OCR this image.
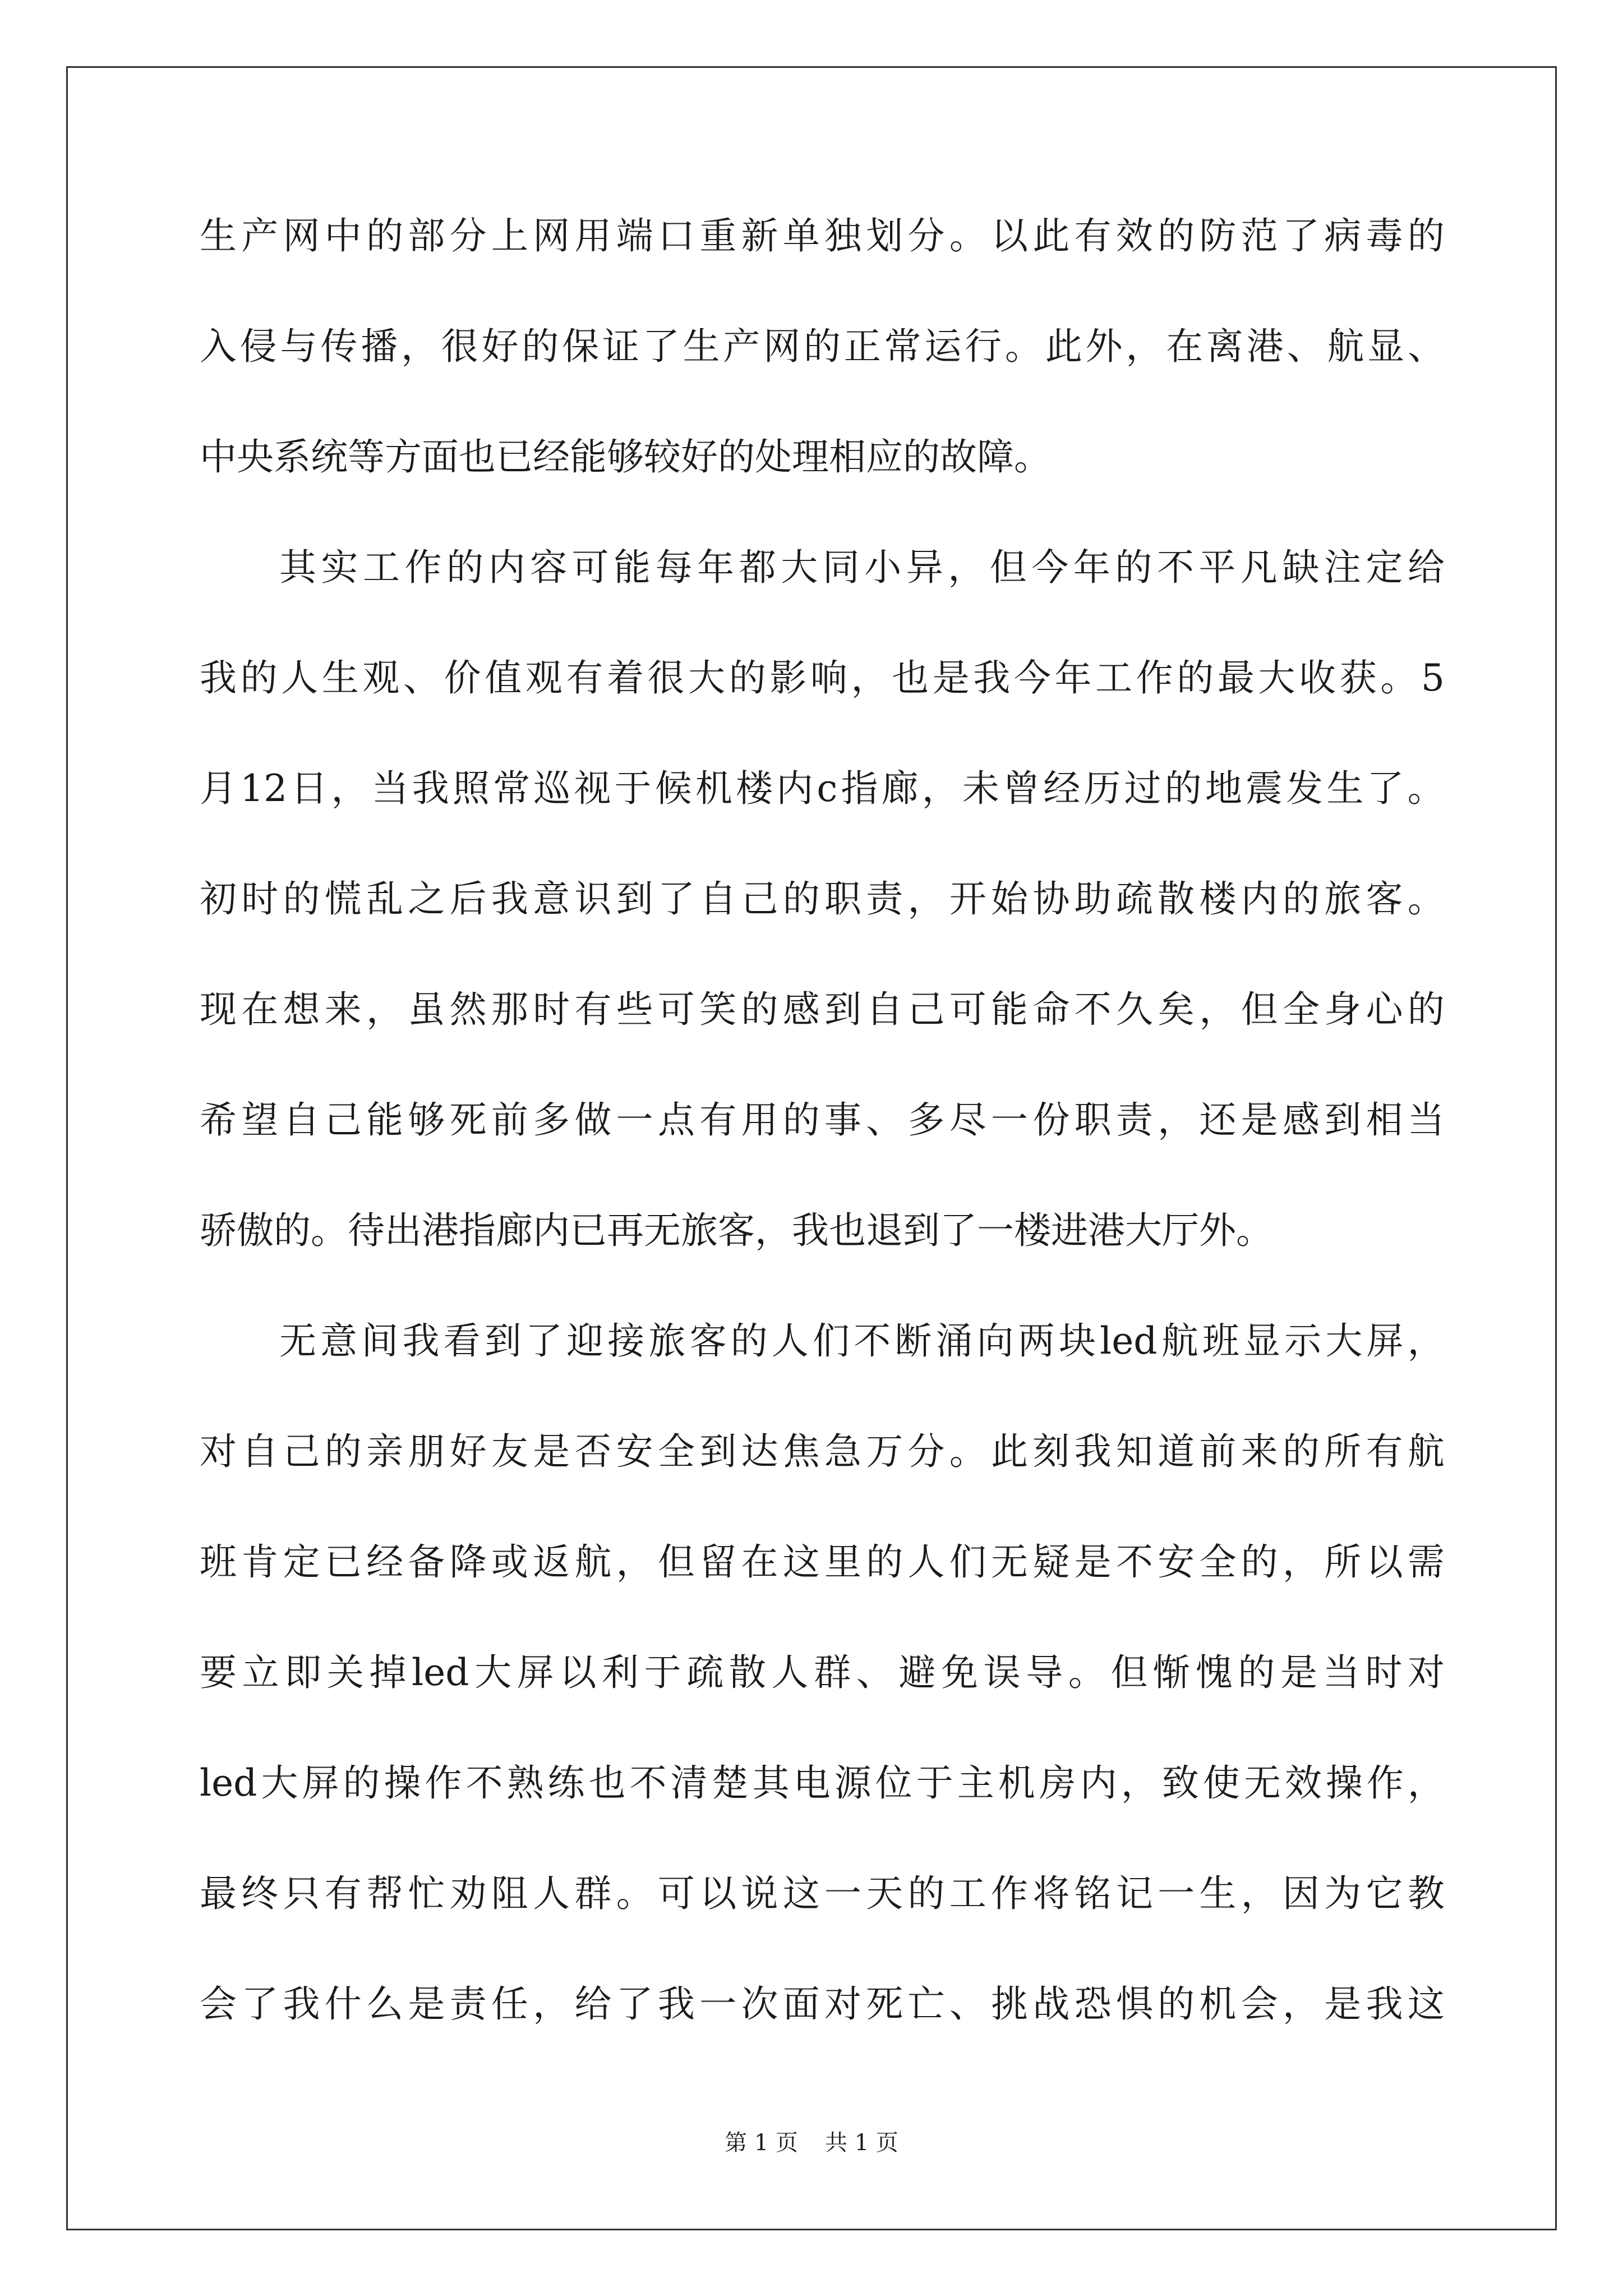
生 产 网 中 的 部 分 上 网 用 端 口 重 新 单 独 划 分 。 以 此 有 效 的 防 范 了 病 毒 的
入 侵 与 传 播 ， 很 好 的 保 证 了 生 产 网 的 正 常 运 行 。 此 外 ， 在 离 港 、 航 显 、
中央系统等方面也已经能够较好的处理相应的故障。
其 实 工 作 的 内 容 可 能 每 年 都 大 同 小 异 ， 但 今 年 的 不 平 凡 缺 注 定 给
我 的 人 生 观 、 价 值 观 有 着 很 大 的 影 响 ， 也 是 我 今 年 工 作 的 最 大 收 获 。 5
月 12 日 ， 当 我 照 常 巡 视 于 候 机 楼 内 c 指 廊 ， 未 曾 经 历 过 的 地 震 发 生 了 。
初 时 的 慌 乱 之 后 我 意 识 到 了 自 己 的 职 责 ， 开 始 协 助 疏 散 楼 内 的 旅 客 。
现 在 想 来 ， 虽 然 那 时 有 些 可 笑 的 感 到 自 己 可 能 命 不 久 矣 ， 但 全 身 心 的
希 望 自 己 能 够 死 前 多 做 一 点 有 用 的 事 、 多 尽 一 份 职 责 ， 还 是 感 到 相 当
骄傲的。待出港指廊内已再无旅客，我也退到了一楼进港大厅外。
无 意 间 我 看 到 了 迎 接 旅 客 的 人 们 不 断 涌 向 两 块 led 航 班 显 示 大 屏 ，
对 自 己 的 亲 朋 好 友 是 否 安 全 到 达 焦 急 万 分 。 此 刻 我 知 道 前 来 的 所 有 航
班 肯 定 已 经 备 降 或 返 航 ， 但 留 在 这 里 的 人 们 无 疑 是 不 安 全 的 ， 所 以 需
要 立 即 关 掉 led 大 屏 以 利 于 疏 散 人 群 、 避 免 误 导 。 但 惭 愧 的 是 当 时 对
led 大 屏 的 操 作 不 熟 练 也 不 清 楚 其 电 源 位 于 主 机 房 内 ， 致 使 无 效 操 作 ，
最 终 只 有 帮 忙 劝 阻 人 群 。 可 以 说 这 一 天 的 工 作 将 铭 记 一 生 ， 因 为 它 教
会 了 我 什 么 是 责 任 ， 给 了 我 一 次 面 对 死 亡 、 挑 战 恐 惧 的 机 会 ， 是 我 这
第 1 页 共 1 页
